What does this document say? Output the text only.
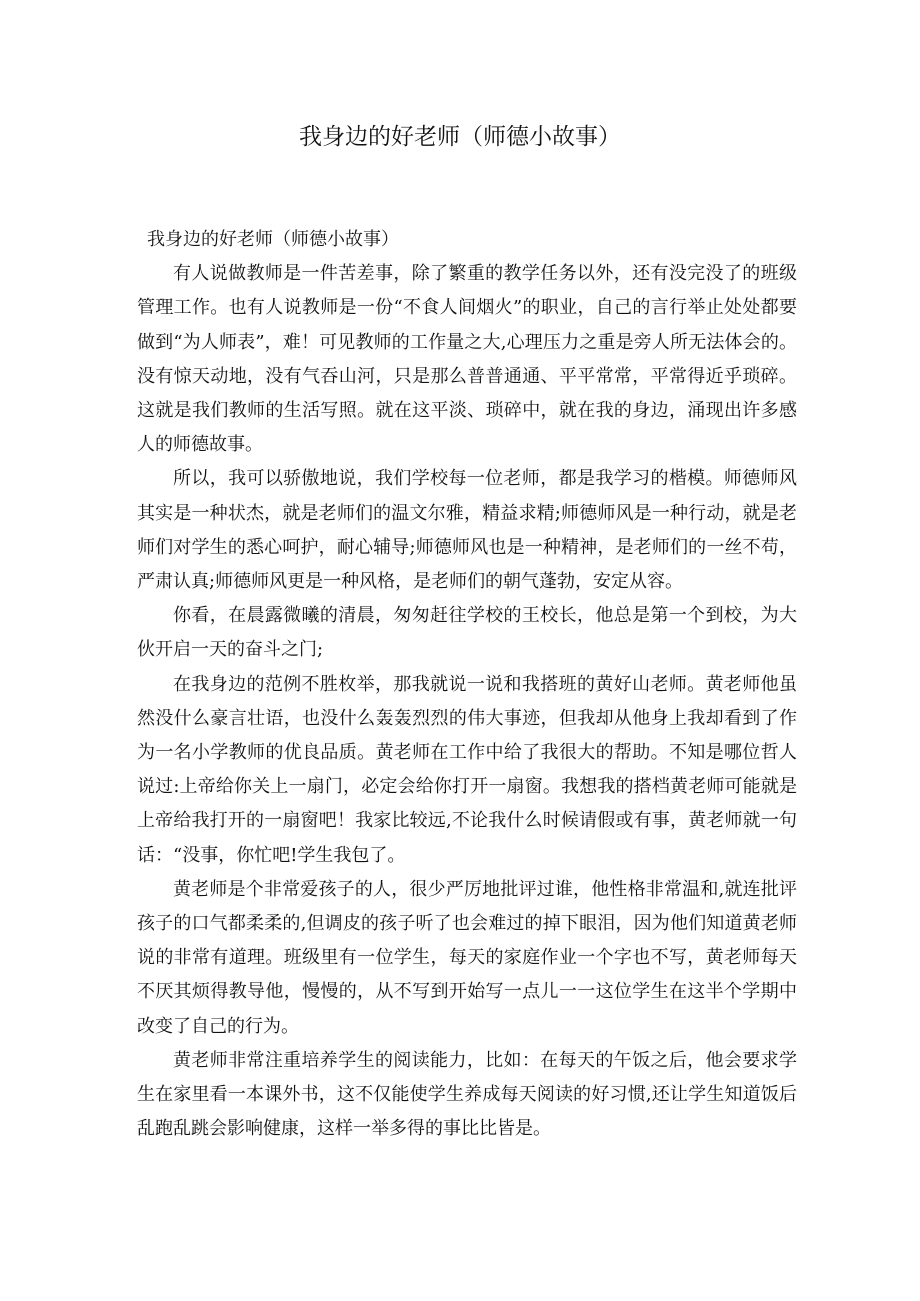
我身边的好老师（师德小故事）

我身边的好老师（师德小故事）

有人说做教师是一件苦差事，除了繁重的教学任务以外，还有没完没了的班级管理工作。也有人说教师是一份“不食人间烟火”的职业，自己的言行举止处处都要做到“为人师表”，难！可见教师的工作量之大,心理压力之重是旁人所无法体会的。没有惊天动地，没有气吞山河，只是那么普普通通、平平常常，平常得近乎琐碎。这就是我们教师的生活写照。就在这平淡、琐碎中，就在我的身边，涌现出许多感人的师德故事。

所以，我可以骄傲地说，我们学校每一位老师，都是我学习的楷模。师德师风其实是一种状杰，就是老师们的温文尔雅，精益求精;师德师风是一种行动，就是老师们对学生的悉心呵护，耐心辅导;师德师风也是一种精神，是老师们的一丝不苟，严肃认真;师德师风更是一种风格，是老师们的朝气蓬勃，安定从容。

你看，在晨露微曦的清晨，匆匆赶往学校的王校长，他总是第一个到校，为大伙开启一天的奋斗之门;

在我身边的范例不胜枚举，那我就说一说和我搭班的黄好山老师。黄老师他虽然没什么豪言壮语，也没什么轰轰烈烈的伟大事迹，但我却从他身上我却看到了作为一名小学教师的优良品质。黄老师在工作中给了我很大的帮助。不知是哪位哲人说过:上帝给你关上一扇门，必定会给你打开一扇窗。我想我的搭档黄老师可能就是上帝给我打开的一扇窗吧！我家比较远,不论我什么时候请假或有事，黄老师就一句话：“没事，你忙吧!学生我包了。

黄老师是个非常爱孩子的人，很少严厉地批评过谁，他性格非常温和,就连批评孩子的口气都柔柔的,但调皮的孩子听了也会难过的掉下眼泪，因为他们知道黄老师说的非常有道理。班级里有一位学生，每天的家庭作业一个字也不写，黄老师每天不厌其烦得教导他，慢慢的，从不写到开始写一点儿一一这位学生在这半个学期中改变了自己的行为。

黄老师非常注重培养学生的阅读能力，比如：在每天的午饭之后，他会要求学生在家里看一本课外书，这不仅能使学生养成每天阅读的好习惯,还让学生知道饭后乱跑乱跳会影响健康，这样一举多得的事比比皆是。
